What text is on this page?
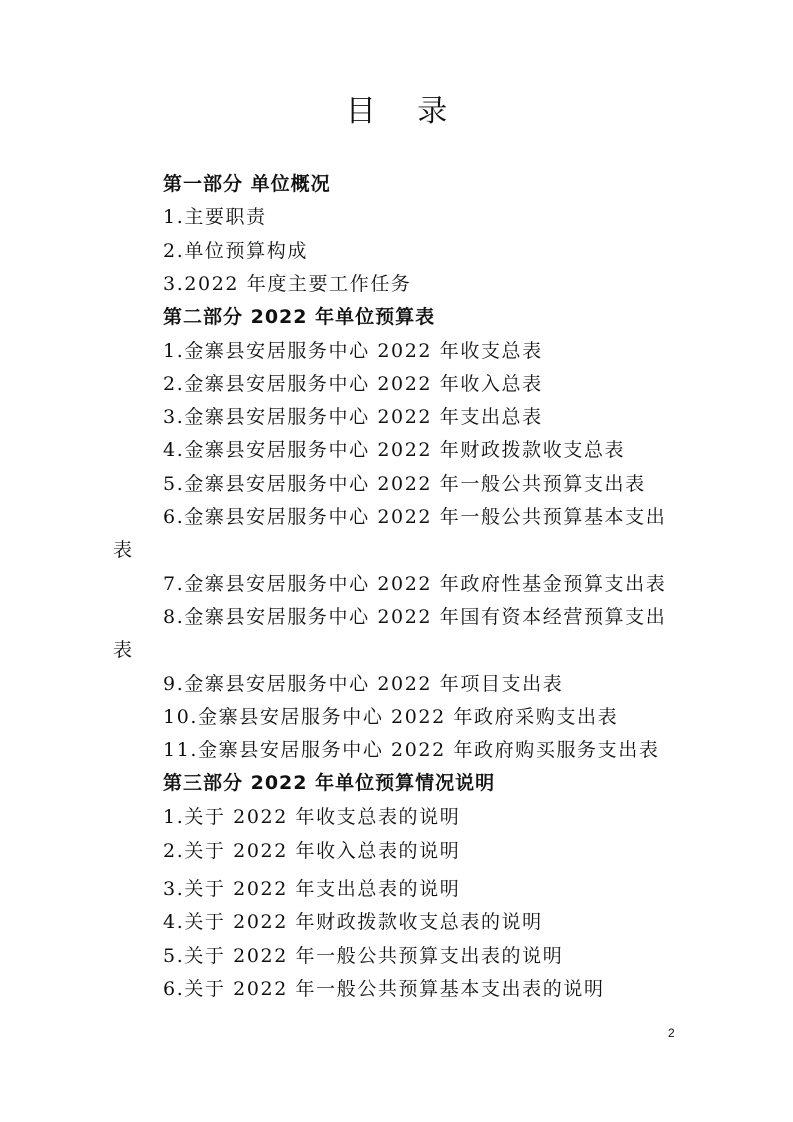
目 录
第一部分 单位概况
1.主要职责
2.单位预算构成
3.2022 年度主要工作任务
第二部分 2022 年单位预算表
1.金寨县安居服务中心 2022 年收支总表
2.金寨县安居服务中心 2022 年收入总表
3.金寨县安居服务中心 2022 年支出总表
4.金寨县安居服务中心 2022 年财政拨款收支总表
5.金寨县安居服务中心 2022 年一般公共预算支出表
6.金寨县安居服务中心 2022 年一般公共预算基本支出
表
7.金寨县安居服务中心 2022 年政府性基金预算支出表
8.金寨县安居服务中心 2022 年国有资本经营预算支出
表
9.金寨县安居服务中心 2022 年项目支出表
10.金寨县安居服务中心 2022 年政府采购支出表
11.金寨县安居服务中心 2022 年政府购买服务支出表
第三部分 2022 年单位预算情况说明
1.关于 2022 年收支总表的说明
2.关于 2022 年收入总表的说明
3.关于 2022 年支出总表的说明
4.关于 2022 年财政拨款收支总表的说明
5.关于 2022 年一般公共预算支出表的说明
6.关于 2022 年一般公共预算基本支出表的说明
2
